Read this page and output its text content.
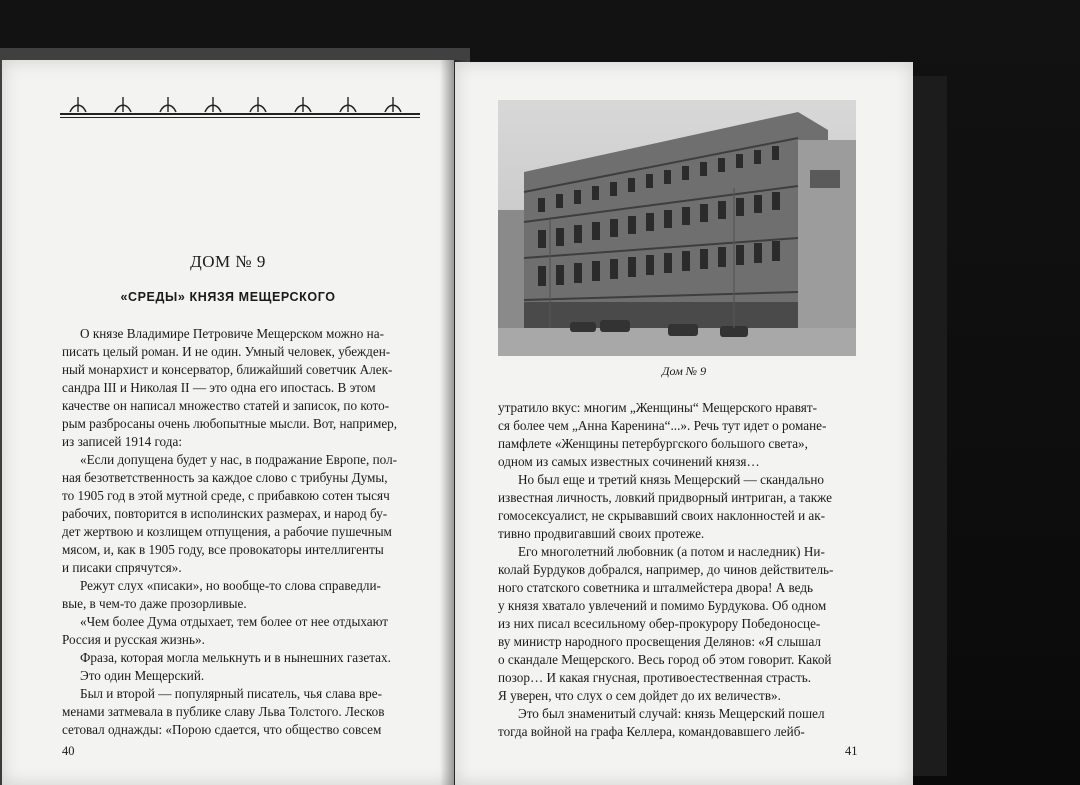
ДОМ № 9
«СРЕДЫ» КНЯЗЯ МЕЩЕРСКОГО
О князе Владимире Петровиче Мещерском можно на-
писать целый роман. И не один. Умный человек, убежден-
ный монархист и консерватор, ближайший советчик Алек-
сандра III и Николая II — это одна его ипостась. В этом
качестве он написал множество статей и записок, по кото-
рым разбросаны очень любопытные мысли. Вот, например,
из записей 1914 года:
«Если допущена будет у нас, в подражание Европе, пол-
ная безответственность за каждое слово с трибуны Думы,
то 1905 год в этой мутной среде, с прибавкою сотен тысяч
рабочих, повторится в исполинских размерах, и народ бу-
дет жертвою и козлищем отпущения, а рабочие пушечным
мясом, и, как в 1905 году, все провокаторы интеллигенты
и писаки спрячутся».
Режут слух «писаки», но вообще-то слова справедли-
вые, в чем-то даже прозорливые.
«Чем более Дума отдыхает, тем более от нее отдыхают
Россия и русская жизнь».
Фраза, которая могла мелькнуть и в нынешних газетах.
Это один Мещерский.
Был и второй — популярный писатель, чья слава вре-
менами затмевала в публике славу Льва Толстого. Лесков
сетовал однажды: «Порою сдается, что общество совсем
40
Дом № 9
утратило вкус: многим „Женщины“ Мещерского нравят-
ся более чем „Анна Каренина“...». Речь тут идет о романе-
памфлете «Женщины петербургского большого света»,
одном из самых известных сочинений князя…
Но был еще и третий князь Мещерский — скандально
известная личность, ловкий придворный интриган, а также
гомосексуалист, не скрывавший своих наклонностей и ак-
тивно продвигавший своих протеже.
Его многолетний любовник (а потом и наследник) Ни-
колай Бурдуков добрался, например, до чинов действитель-
ного статского советника и шталмейстера двора! А ведь
у князя хватало увлечений и помимо Бурдукова. Об одном
из них писал всесильному обер-прокурору Победоносце-
ву министр народного просвещения Делянов: «Я слышал
о скандале Мещерского. Весь город об этом говорит. Какой
позор… И какая гнусная, противоестественная страсть.
Я уверен, что слух о сем дойдет до их величеств».
Это был знаменитый случай: князь Мещерский пошел
тогда войной на графа Келлера, командовавшего лейб-
41
